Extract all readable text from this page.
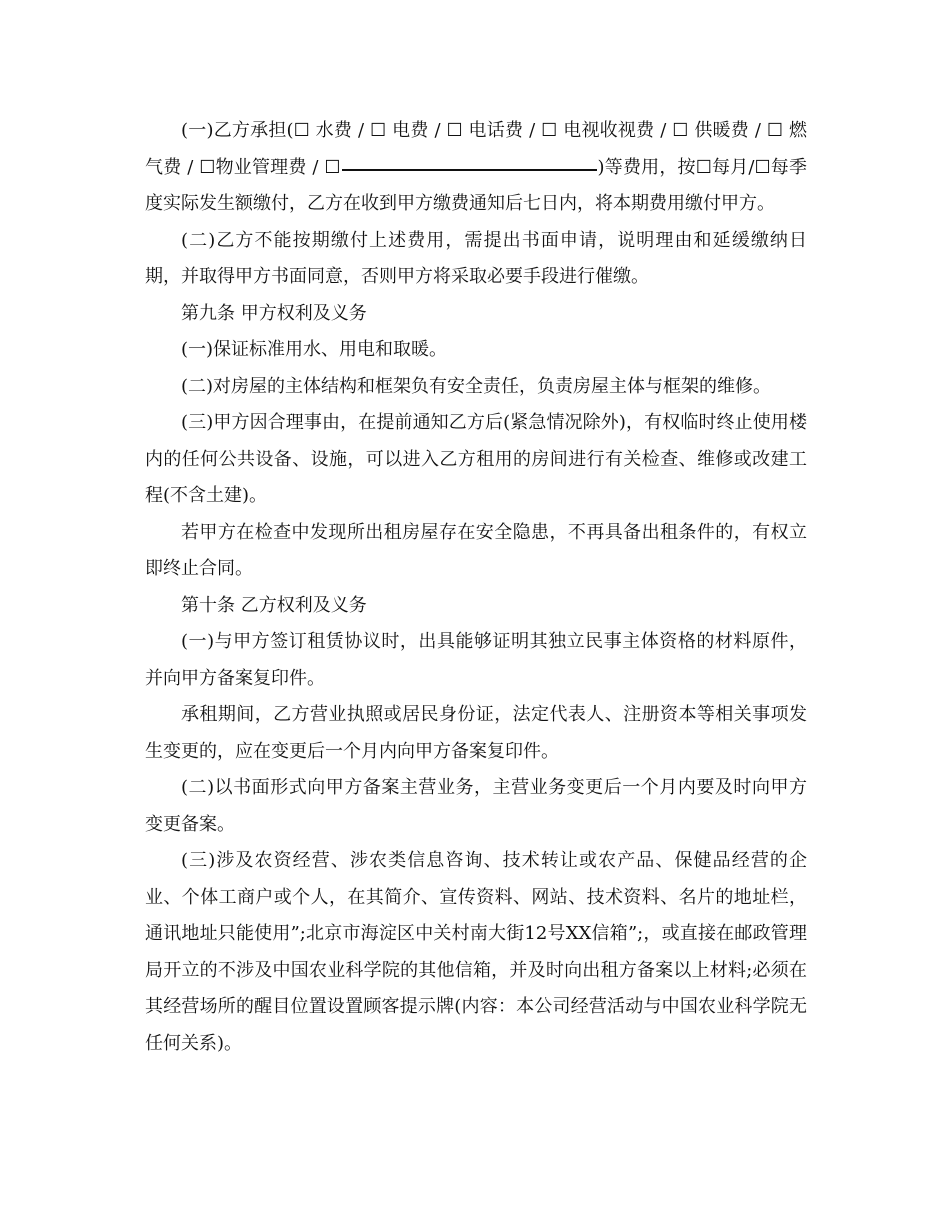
(一)乙方承担(☐ 水费 / ☐ 电费 / ☐ 电话费 / ☐ 电视收视费 / ☐ 供暖费 / ☐ 燃气费 / ☐物业管理费 / ☐	)等费用，按☐每月/☐每季度实际发生额缴付，乙方在收到甲方缴费通知后七日内，将本期费用缴付甲方。

(二)乙方不能按期缴付上述费用，需提出书面申请，说明理由和延缓缴纳日期，并取得甲方书面同意，否则甲方将采取必要手段进行催缴。

第九条 甲方权利及义务

(一)保证标准用水、用电和取暖。

(二)对房屋的主体结构和框架负有安全责任，负责房屋主体与框架的维修。

(三)甲方因合理事由，在提前通知乙方后(紧急情况除外)，有权临时终止使用楼内的任何公共设备、设施，可以进入乙方租用的房间进行有关检查、维修或改建工程(不含土建)。

若甲方在检查中发现所出租房屋存在安全隐患，不再具备出租条件的，有权立即终止合同。

第十条 乙方权利及义务

(一)与甲方签订租赁协议时，出具能够证明其独立民事主体资格的材料原件，并向甲方备案复印件。

承租期间，乙方营业执照或居民身份证，法定代表人、注册资本等相关事项发生变更的，应在变更后一个月内向甲方备案复印件。

(二)以书面形式向甲方备案主营业务，主营业务变更后一个月内要及时向甲方变更备案。

(三)涉及农资经营、涉农类信息咨询、技术转让或农产品、保健品经营的企业、个体工商户或个人，在其简介、宣传资料、网站、技术资料、名片的地址栏，通讯地址只能使用”;北京市海淀区中关村南大街12号XX信箱”;，或直接在邮政管理局开立的不涉及中国农业科学院的其他信箱，并及时向出租方备案以上材料;必须在其经营场所的醒目位置设置顾客提示牌(内容：本公司经营活动与中国农业科学院无任何关系)。
